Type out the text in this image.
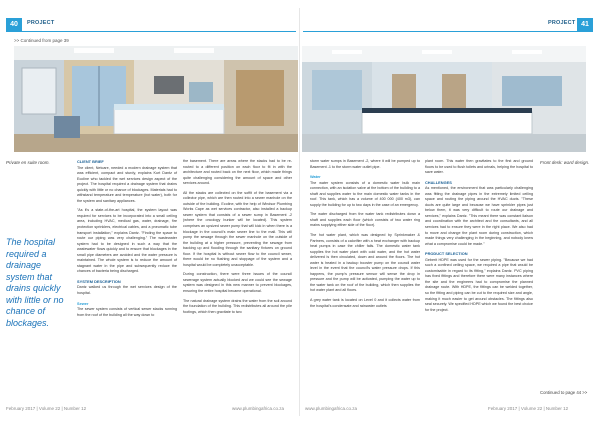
40	PROJECT
>> Continued from page 39
PROJECT 41
Private en suite room.	Front desk: ward design.
The hospital required a drainage system that drains quickly with little or no chance of blockages.

CLIENT BRIEF

The client, Netcare, needed a modern drainage system that was efficient, compact and sturdy, explains Kurt Dantz of Ecoline who tackled the wet services design aspect of the project. The hospital required a drainage system that drains quickly with little or no chance of blockages. Materials had to withstand temperature and temperature (hot water), both for the system and sanitary appliances.

"As it's a state-of-the-art hospital, the system layout was required for services to be incorporated into a small ceiling area, including HVAC, medical gas, water, drainage, fire protection sprinklers, electrical cables, and a pneumatic tube transport installation," explains Dantz. "Finding the space to route our piping was very challenging." The wastewater system had to be designed in such a way that the wastewater flows quickly and to ensure that blockages in the small pipe diameters are avoided and the water pressure is maintained. The whole system is to reduce the amount of stagnant water in the pipe and subsequently reduce the chances of bacteria being discharged.

SYSTEM DESCRIPTION

Dantz walked us through the wet services design of the hospital.

Sewer

The sewer system consists of vertical sewer stacks running from the roof of the building all the way down to

the basement. There are areas where the stacks had to be re-routed to a different position on each floor to fit in with the architecture and routed back on the next floor, which made things quite challenging considering the amount of space and other services around.

All the stacks are collected on the soffit of the basement via a collector pipe, which are then routed into a sewer manhole on the outside of the building. Ecoline, with the help of Windsor Plumbing Works Cape as wet services contractor, also installed a backup sewer system that consists of a sewer sump in Basement -2 (where the oncology bunker will be located). This system comprises an upsized sewer pump that will kick in when there is a blockage in the council's main sewer line to the mall. This will pump the sewage through the sewer manhole on the outside of the building at a higher pressure, preventing the sewage from backing up and flooding through the sanitary fixtures on ground floor. If the hospital is without sewer flow to the council sewer, there would be no flushing and stoppage of the system and a hospital would be completely unacceptable.

During construction, there were three issues of the council sewerage system actually blocked and we could see the sewage system was designed in this new manner to prevent blockages, ensuring the entire hospital became operational.

The natural drainage system drains the water from the soil around the foundation of the building. This redistributes all around the pile footings, which then gravitate to two

storm water sumps in Basement -2, where it will be pumped up to Basement -1 to the storm water outlet pipe.

Water

The water system consists of a domestic water bulk main connection, with an isolation valve at the bottom of the building to a shaft and supplies water to the main domestic water tanks in the roof. This tank, which has a volume of 400 000 (400 m3), can supply the building for up to two days in the case of an emergency.

The water discharged from the water tank redistributes down a shaft and supplies each floor (which consists of two water ring mains supplying either side of the floor).

The hot water plant, which was designed by Sprinkmaker & Partners, consists of a calorifier with a heat exchanger with backup heat pumps in case the chiller fails. The domestic water tank supplies the hot water plant with cold water, and the hot water delivered is then circulated, down and around the floors. The hot water is heated in a backup booster pump on the council water level in the event that the council's water pressure drops. If this happens, the pump's pressure sensor will sense the drop in pressure and the pump will be activated, pumping the water up to the water tank on the roof of the building, which then supplies the hot water plant and all floors.

A grey water tank is located on Level 0 and it collects water from the hospital's condensate and rainwater outlets

plant room. This water then gravitates to the first and ground floors to be used to flush toilets and urinals, helping the hospital to save water.

CHALLENGES

As mentioned, the environment that was particularly challenging was fitting the drainage pipes in the extremely limited ceiling space and routing the piping around the HVAC ducts. "These ducts are quite large and because we have sprinkler pipes just below them, it was very difficult to route our drainage and services," explains Dantz. "This meant there was constant liaison and coordination with the architect and the consultants, and all services had to ensure they were in the right place. We also had to move and change the plant room during construction, which made things very challenging in the beginning, and nobody knew what a compromise could be made."

PRODUCT SELECTION

Geberit HDPE was used for the sewer piping. "Because we had such a confined ceiling space, we required a pipe that would be customisable in regard to its fitting," explains Dantz. PVC piping has fixed fittings and therefore there were many instances where the site and the engineers had to compromise the planned drainage route. With HDPE, the fittings can be welded together, so the fitting and piping can be cut to the required size and angle, making it much easier to get around obstacles. The fittings also seal securely. We specified HDPE which we found the best choice for the project.

Continued to page 44 >>
February 2017 | Volume 22 | Number 12	www.plumbingafrica.co.za	www.plumbingafrica.co.za	February 2017 | Volume 22 | Number 12
